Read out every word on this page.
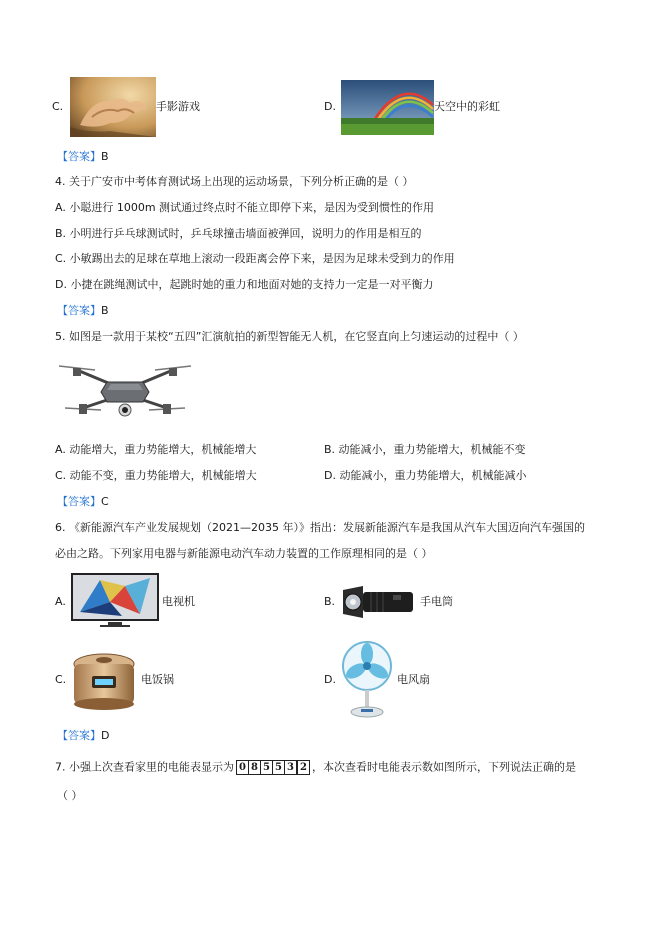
C.	手影游戏	D.	天空中的彩虹
【答案】B
4. 关于广安市中考体育测试场上出现的运动场景，下列分析正确的是（ ）
A. 小聪进行 1000m 测试通过终点时不能立即停下来，是因为受到惯性的作用
B. 小明进行乒乓球测试时，乒乓球撞击墙面被弹回，说明力的作用是相互的
C. 小敏踢出去的足球在草地上滚动一段距离会停下来，是因为足球未受到力的作用
D. 小捷在跳绳测试中，起跳时她的重力和地面对她的支持力一定是一对平衡力
【答案】B
5. 如图是一款用于某校“五四”汇演航拍的新型智能无人机，在它竖直向上匀速运动的过程中（ ）
A. 动能增大，重力势能增大，机械能增大	B. 动能减小，重力势能增大，机械能不变
C. 动能不变，重力势能增大，机械能增大	D. 动能减小，重力势能增大，机械能减小
【答案】C
6. 《新能源汽车产业发展规划（2021—2035 年）》指出：发展新能源汽车是我国从汽车大国迈向汽车强国的
必由之路。下列家用电器与新能源电动汽车动力装置的工作原理相同的是（ ）
A.	电视机	B.	手电筒
C.	电饭锅	D.	电风扇
【答案】D
7. 小强上次查看家里的电能表显示为 0 8 5 5 3 2 ，本次查看时电能表示数如图所示，下列说法正确的是
（ ）
